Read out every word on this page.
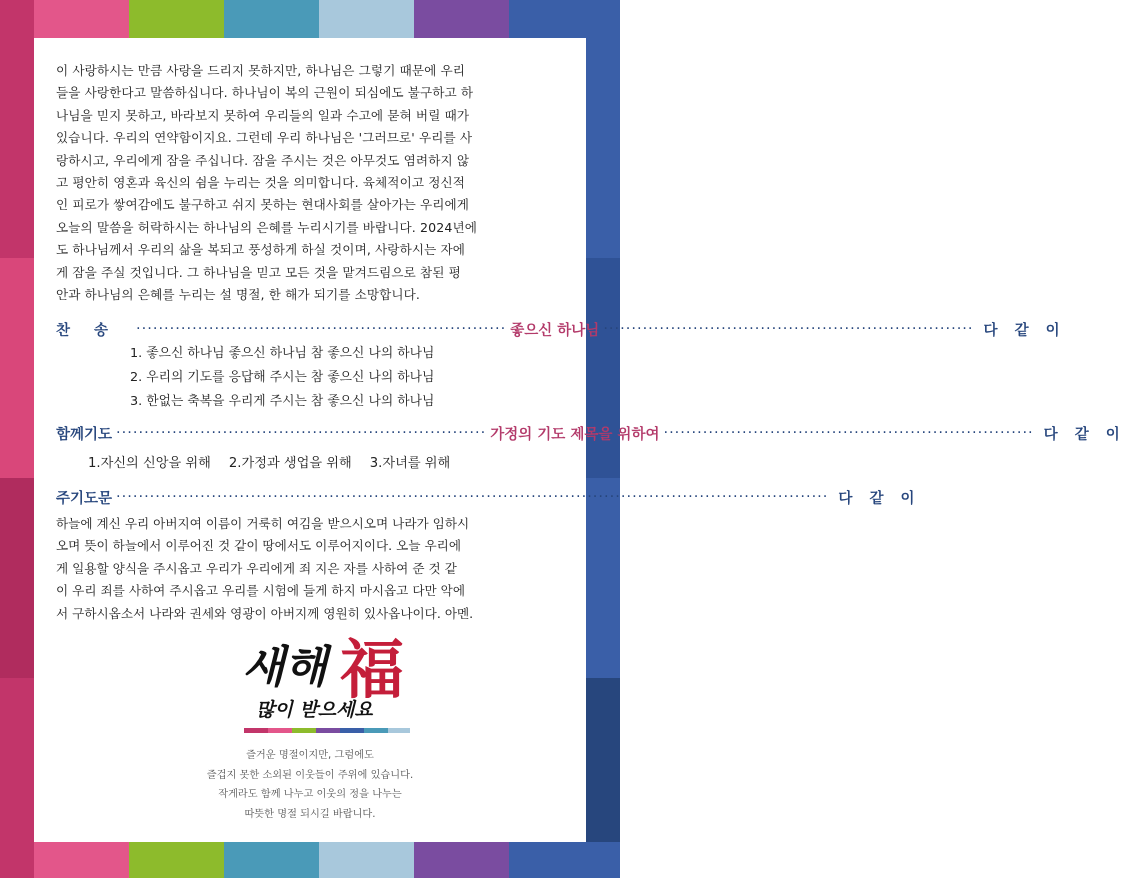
이 사랑하시는 만큼 사랑을 드리지 못하지만, 하나님은 그렇기 때문에 우리
들을 사랑한다고 말씀하십니다. 하나님이 복의 근원이 되심에도 불구하고 하
나님을 믿지 못하고, 바라보지 못하여 우리들의 일과 수고에 묻혀 버릴 때가
있습니다. 우리의 연약함이지요. 그런데 우리 하나님은 '그러므로' 우리를 사
랑하시고, 우리에게 잠을 주십니다. 잠을 주시는 것은 아무것도 염려하지 않
고 평안히 영혼과 육신의 쉼을 누리는 것을 의미합니다. 육체적이고 정신적
인 피로가 쌓여감에도 불구하고 쉬지 못하는 현대사회를 살아가는 우리에게
오늘의 말씀을 허락하시는 하나님의 은혜를 누리시기를 바랍니다. 2024년에
도 하나님께서 우리의 삶을 복되고 풍성하게 하실 것이며, 사랑하시는 자에
게 잠을 주실 것입니다. 그 하나님을 믿고 모든 것을 맡겨드림으로 참된 평
안과 하나님의 은혜를 누리는 설 명절, 한 해가 되기를 소망합니다.
찬송 ·································································· 좋으신 하나님 ·································································· 다 같 이
1. 좋으신 하나님 좋으신 하나님 참 좋으신 나의 하나님
2. 우리의 기도를 응답해 주시는 참 좋으신 나의 하나님
3. 한없는 축복을 우리게 주시는 참 좋으신 나의 하나님
함께기도 ·································································· 가정의 기도 제목을 위하여 ·································································· 다 같 이
1.자신의 신앙을 위해 2.가정과 생업을 위해 3.자녀를 위해
주기도문 ······························································································································· 다 같 이
하늘에 계신 우리 아버지여 이름이 거룩히 여김을 받으시오며 나라가 임하시
오며 뜻이 하늘에서 이루어진 것 같이 땅에서도 이루어지이다. 오늘 우리에
게 일용할 양식을 주시옵고 우리가 우리에게 죄 지은 자를 사하여 준 것 같
이 우리 죄를 사하여 주시옵고 우리를 시험에 들게 하지 마시옵고 다만 악에
서 구하시옵소서 나라와 권세와 영광이 아버지께 영원히 있사옵나이다. 아멘.
새해 福
많이 받으세요
즐거운 명절이지만, 그럼에도
즐겁지 못한 소외된 이웃들이 주위에 있습니다.
작게라도 함께 나누고 이웃의 정을 나누는
따뜻한 명절 되시길 바랍니다.
